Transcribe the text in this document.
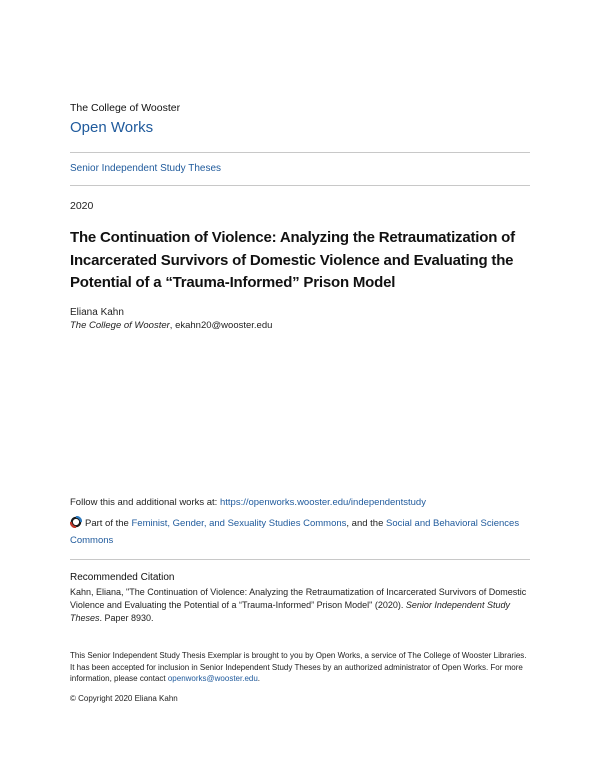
The College of Wooster
Open Works
Senior Independent Study Theses
2020
The Continuation of Violence: Analyzing the Retraumatization of Incarcerated Survivors of Domestic Violence and Evaluating the Potential of a “Trauma-Informed” Prison Model
Eliana Kahn
The College of Wooster, ekahn20@wooster.edu
Follow this and additional works at: https://openworks.wooster.edu/independentstudy
Part of the Feminist, Gender, and Sexuality Studies Commons, and the Social and Behavioral Sciences Commons
Recommended Citation
Kahn, Eliana, "The Continuation of Violence: Analyzing the Retraumatization of Incarcerated Survivors of Domestic Violence and Evaluating the Potential of a “Trauma-Informed” Prison Model" (2020). Senior Independent Study Theses. Paper 8930.
This Senior Independent Study Thesis Exemplar is brought to you by Open Works, a service of The College of Wooster Libraries. It has been accepted for inclusion in Senior Independent Study Theses by an authorized administrator of Open Works. For more information, please contact openworks@wooster.edu.
© Copyright 2020 Eliana Kahn
